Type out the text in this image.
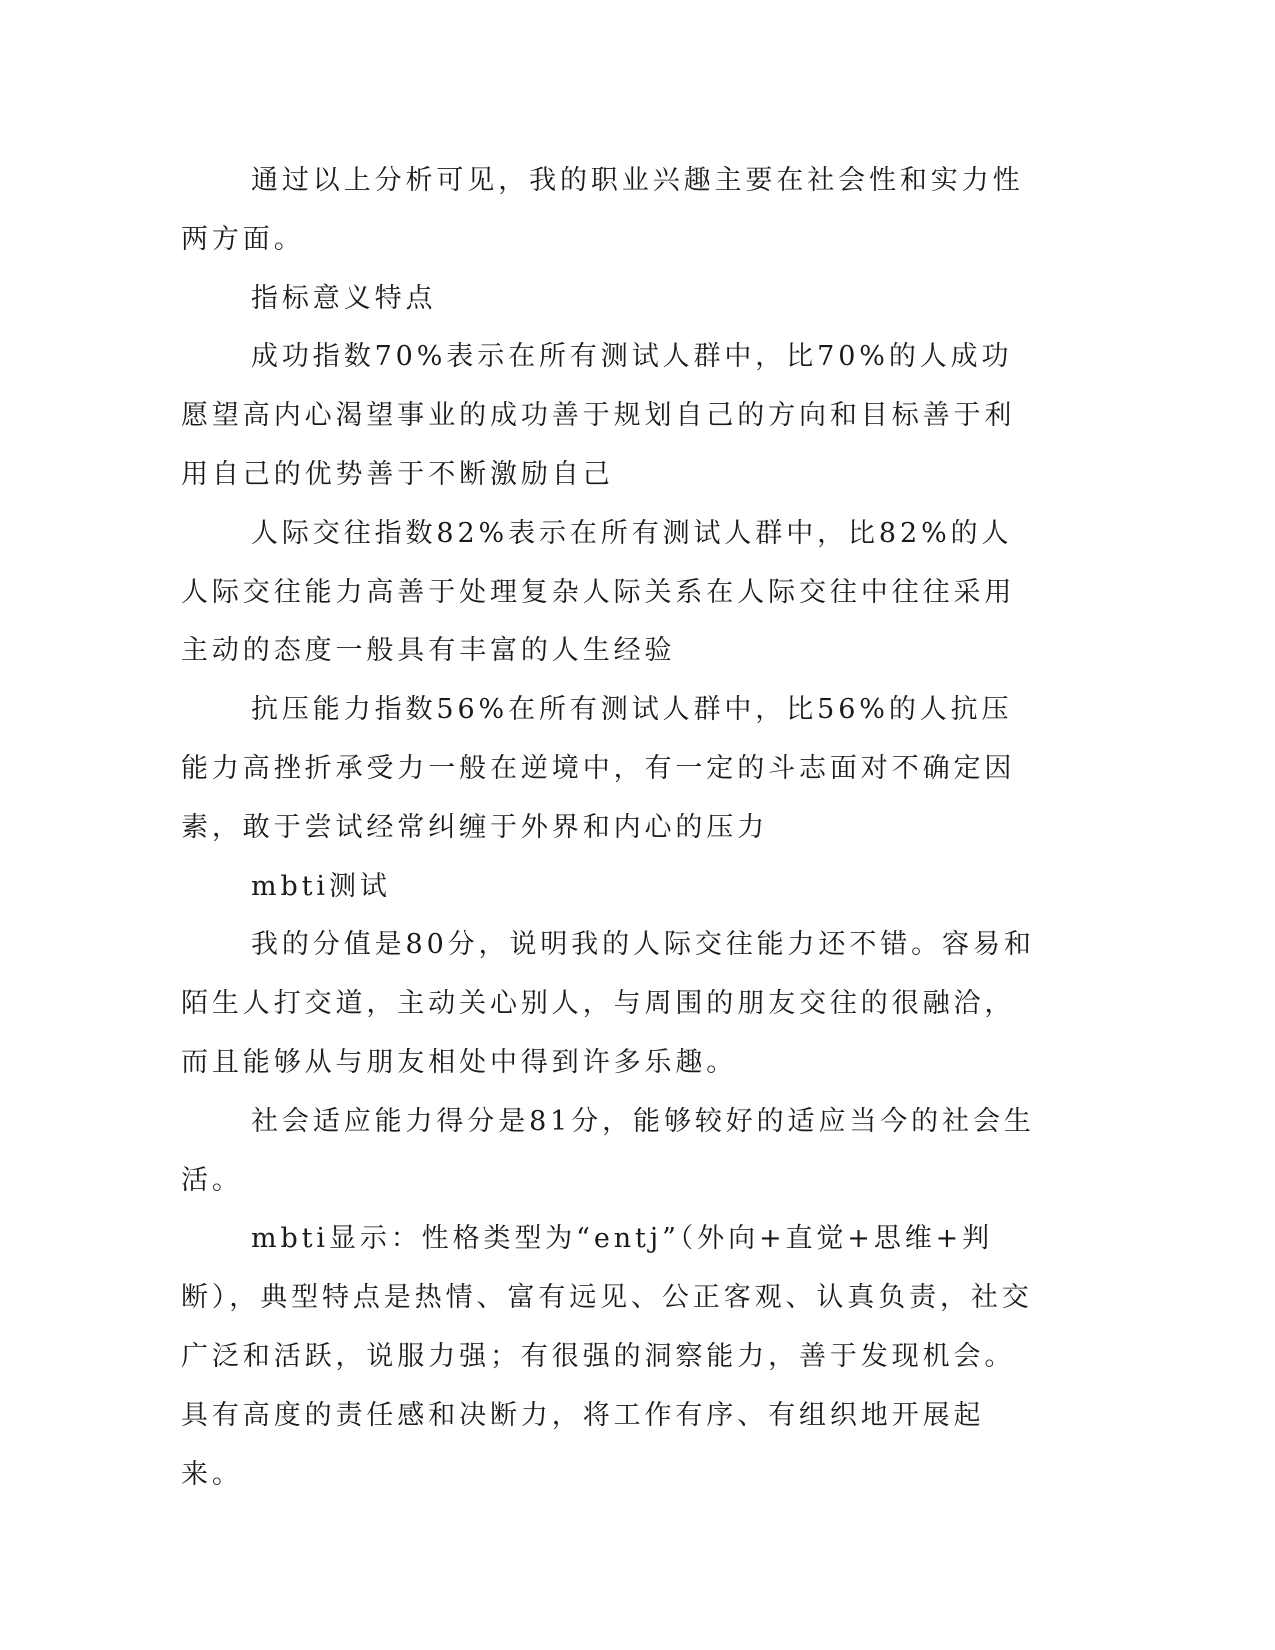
通过以上分析可见，我的职业兴趣主要在社会性和实力性两方面。

指标意义特点

成功指数70%表示在所有测试人群中，比70%的人成功愿望高内心渴望事业的成功善于规划自己的方向和目标善于利用自己的优势善于不断激励自己

人际交往指数82%表示在所有测试人群中，比82%的人人际交往能力高善于处理复杂人际关系在人际交往中往往采用主动的态度一般具有丰富的人生经验

抗压能力指数56%在所有测试人群中，比56%的人抗压能力高挫折承受力一般在逆境中，有一定的斗志面对不确定因素，敢于尝试经常纠缠于外界和内心的压力

mbti测试

我的分值是80分，说明我的人际交往能力还不错。容易和陌生人打交道，主动关心别人，与周围的朋友交往的很融洽，而且能够从与朋友相处中得到许多乐趣。

社会适应能力得分是81分，能够较好的适应当今的社会生活。

mbti显示：性格类型为“entj”（外向+直觉+思维+判断），典型特点是热情、富有远见、公正客观、认真负责，社交广泛和活跃，说服力强；有很强的洞察能力，善于发现机会。具有高度的责任感和决断力，将工作有序、有组织地开展起来。
